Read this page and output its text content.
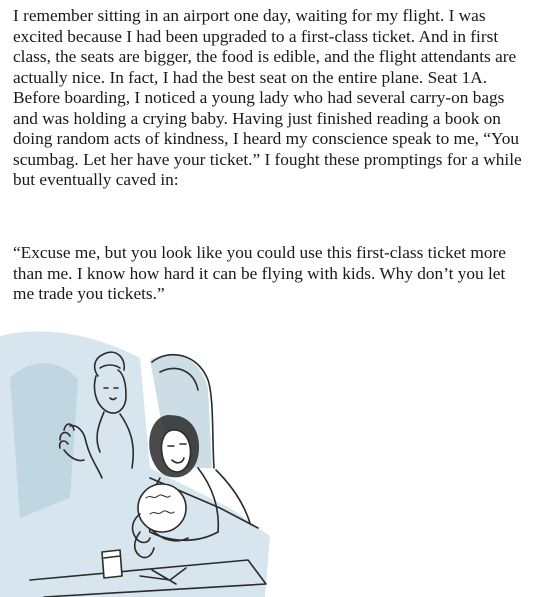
I remember sitting in an airport one day, waiting for my flight. I was excited because I had been upgraded to a first-class ticket. And in first class, the seats are bigger, the food is edible, and the flight attendants are actually nice. In fact, I had the best seat on the entire plane. Seat 1A. Before boarding, I noticed a young lady who had several carry-on bags and was holding a crying baby. Having just finished reading a book on doing random acts of kindness, I heard my conscience speak to me, “You scumbag. Let her have your ticket.” I fought these promptings for a while but eventually caved in:

“Excuse me, but you look like you could use this first-class ticket more than me. I know how hard it can be flying with kids. Why don’t you let me trade you tickets.”
